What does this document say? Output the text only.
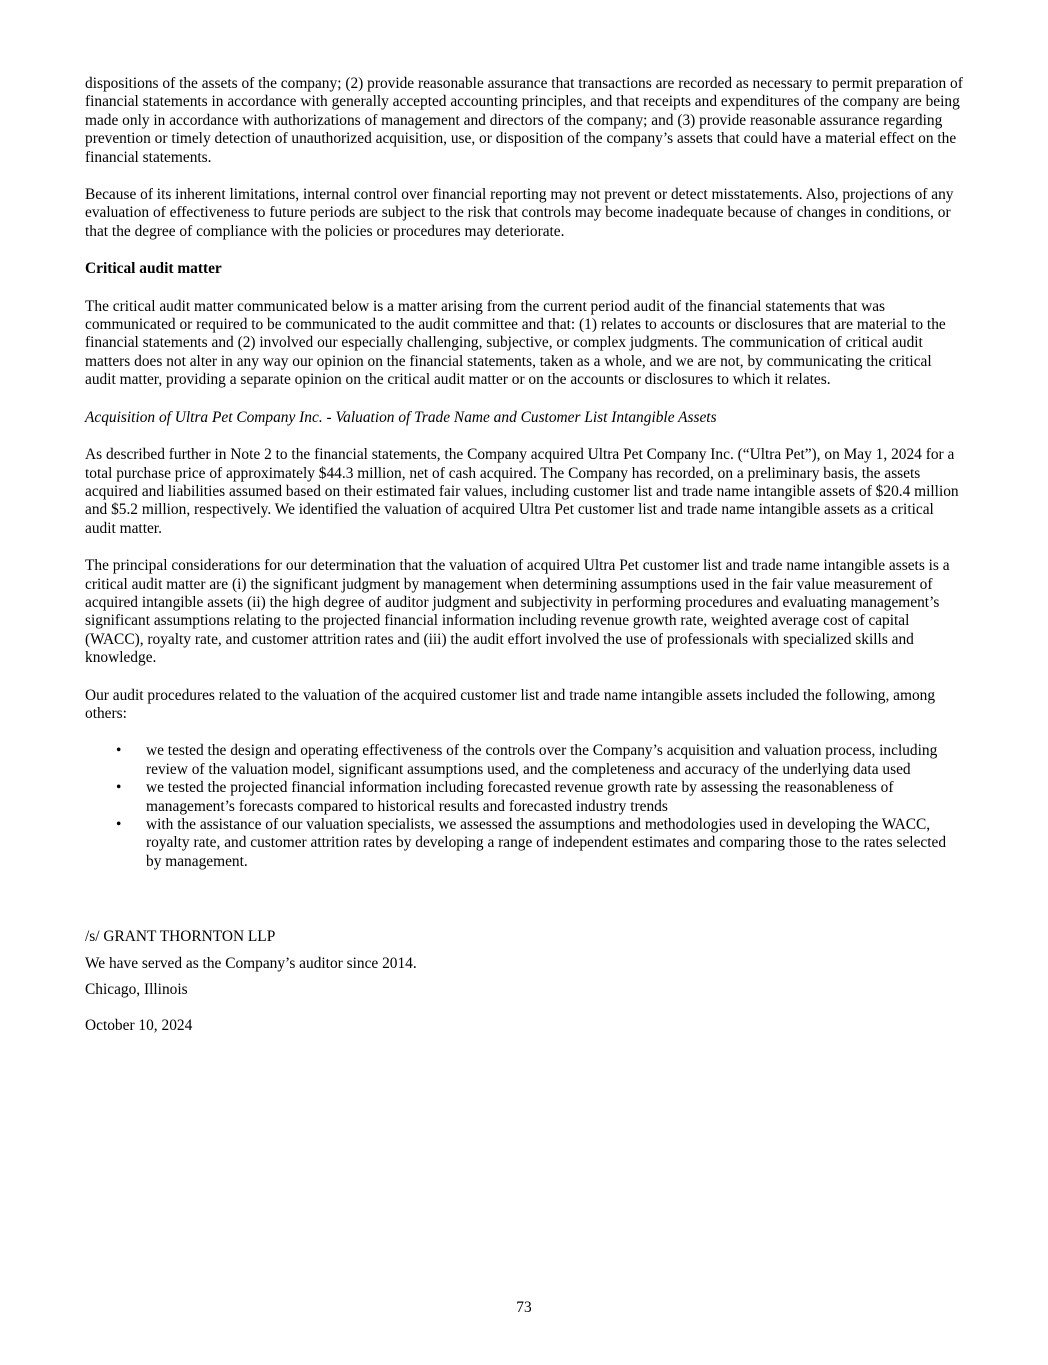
dispositions of the assets of the company; (2) provide reasonable assurance that transactions are recorded as necessary to permit preparation of financial statements in accordance with generally accepted accounting principles, and that receipts and expenditures of the company are being made only in accordance with authorizations of management and directors of the company; and (3) provide reasonable assurance regarding prevention or timely detection of unauthorized acquisition, use, or disposition of the company’s assets that could have a material effect on the financial statements.

Because of its inherent limitations, internal control over financial reporting may not prevent or detect misstatements. Also, projections of any evaluation of effectiveness to future periods are subject to the risk that controls may become inadequate because of changes in conditions, or that the degree of compliance with the policies or procedures may deteriorate.

Critical audit matter

The critical audit matter communicated below is a matter arising from the current period audit of the financial statements that was communicated or required to be communicated to the audit committee and that: (1) relates to accounts or disclosures that are material to the financial statements and (2) involved our especially challenging, subjective, or complex judgments. The communication of critical audit matters does not alter in any way our opinion on the financial statements, taken as a whole, and we are not, by communicating the critical audit matter, providing a separate opinion on the critical audit matter or on the accounts or disclosures to which it relates.

Acquisition of Ultra Pet Company Inc. - Valuation of Trade Name and Customer List Intangible Assets

As described further in Note 2 to the financial statements, the Company acquired Ultra Pet Company Inc. (“Ultra Pet”), on May 1, 2024 for a total purchase price of approximately $44.3 million, net of cash acquired. The Company has recorded, on a preliminary basis, the assets acquired and liabilities assumed based on their estimated fair values, including customer list and trade name intangible assets of $20.4 million and $5.2 million, respectively. We identified the valuation of acquired Ultra Pet customer list and trade name intangible assets as a critical audit matter.

The principal considerations for our determination that the valuation of acquired Ultra Pet customer list and trade name intangible assets is a critical audit matter are (i) the significant judgment by management when determining assumptions used in the fair value measurement of acquired intangible assets (ii) the high degree of auditor judgment and subjectivity in performing procedures and evaluating management’s significant assumptions relating to the projected financial information including revenue growth rate, weighted average cost of capital (WACC), royalty rate, and customer attrition rates and (iii) the audit effort involved the use of professionals with specialized skills and knowledge.

Our audit procedures related to the valuation of the acquired customer list and trade name intangible assets included the following, among others:

• we tested the design and operating effectiveness of the controls over the Company’s acquisition and valuation process, including review of the valuation model, significant assumptions used, and the completeness and accuracy of the underlying data used
• we tested the projected financial information including forecasted revenue growth rate by assessing the reasonableness of management’s forecasts compared to historical results and forecasted industry trends
• with the assistance of our valuation specialists, we assessed the assumptions and methodologies used in developing the WACC, royalty rate, and customer attrition rates by developing a range of independent estimates and comparing those to the rates selected by management.

/s/ GRANT THORNTON LLP

We have served as the Company’s auditor since 2014.

Chicago, Illinois

October 10, 2024

73
